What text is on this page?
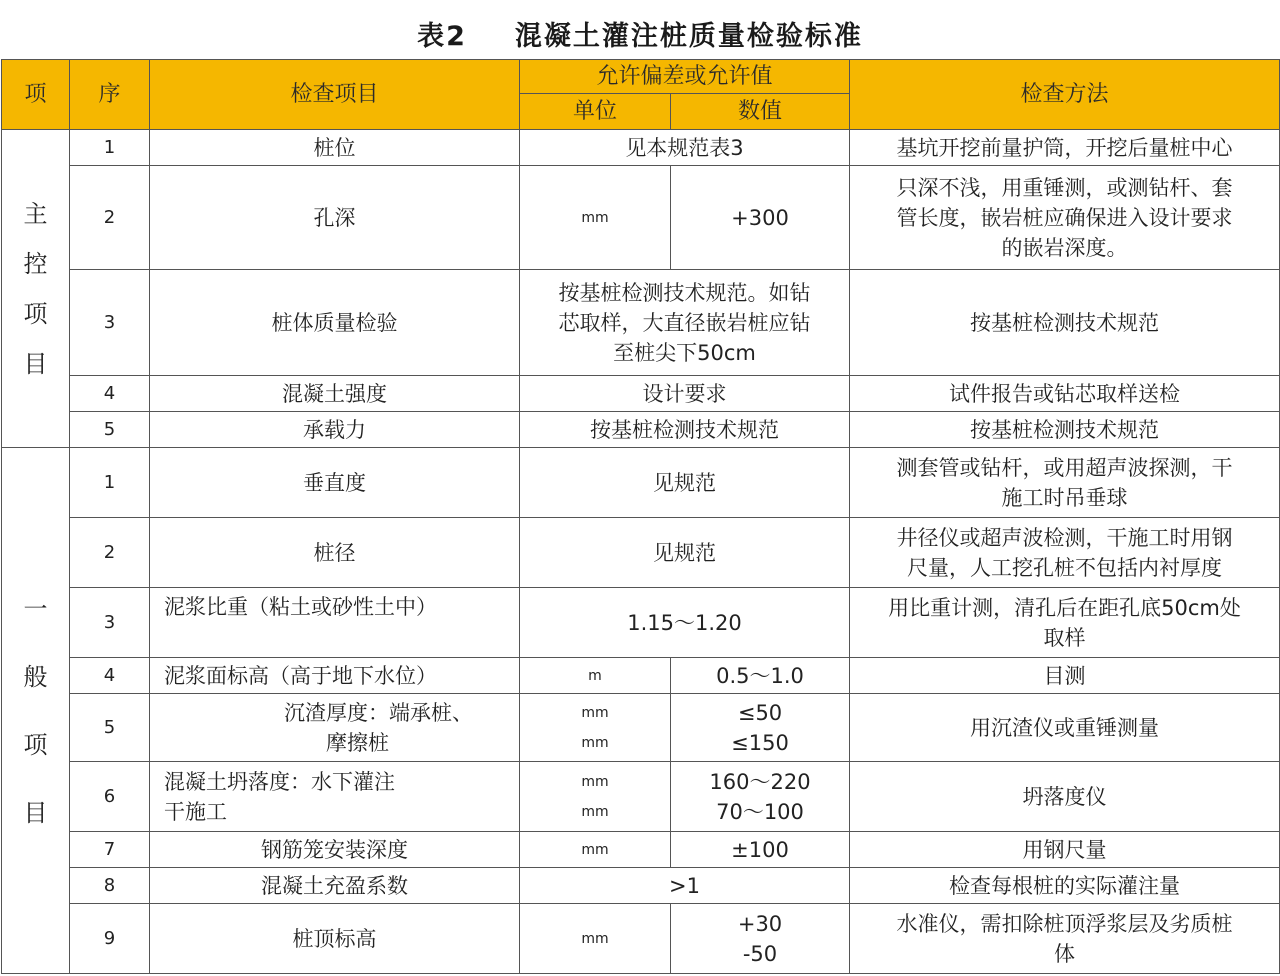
表2 混凝土灌注桩质量检验标准
项	序	检查项目	允许偏差或允许值		检查方法
			单位	数值	

主
控
项
目	1	桩位	见本规范表3		基坑开挖前量护筒，开挖后量桩中心
	2	孔深	mm	+300	只深不浅，用重锤测，或测钻杆、套
管长度，嵌岩桩应确保进入设计要求
的嵌岩深度。

	3	桩体质量检验	按基桩检测技术规范。如钻
芯取样，大直径嵌岩桩应钻
至桩尖下50cm		按基桩检测技术规范
	4	混凝土强度	设计要求		试件报告或钻芯取样送检
	5	承载力	按基桩检测技术规范		按基桩检测技术规范

一
般
项
目	1	垂直度	见规范		测套管或钻杆，或用超声波探测，干
施工时吊垂球

	2	桩径	见规范		井径仪或超声波检测，干施工时用钢
尺量，人工挖孔桩不包括内衬厚度

	3	泥浆比重（粘土或砂性土中）	1.15～1.20		用比重计测，清孔后在距孔底50cm处
取样

	4	泥浆面标高（高于地下水位）	m	0.5～1.0	目测
	5	沉渣厚度：端承桩、
摩擦桩	mm
mm	≤50
≤150	用沉渣仪或重锤测量
	6	混凝土坍落度：水下灌注
干施工	mm
mm	160～220
70～100	坍落度仪
	7	钢筋笼安装深度	mm	±100	用钢尺量
	8	混凝土充盈系数	>1		检查每根桩的实际灌注量
	9	桩顶标高	mm	+30
-50	水准仪，需扣除桩顶浮浆层及劣质桩
体
